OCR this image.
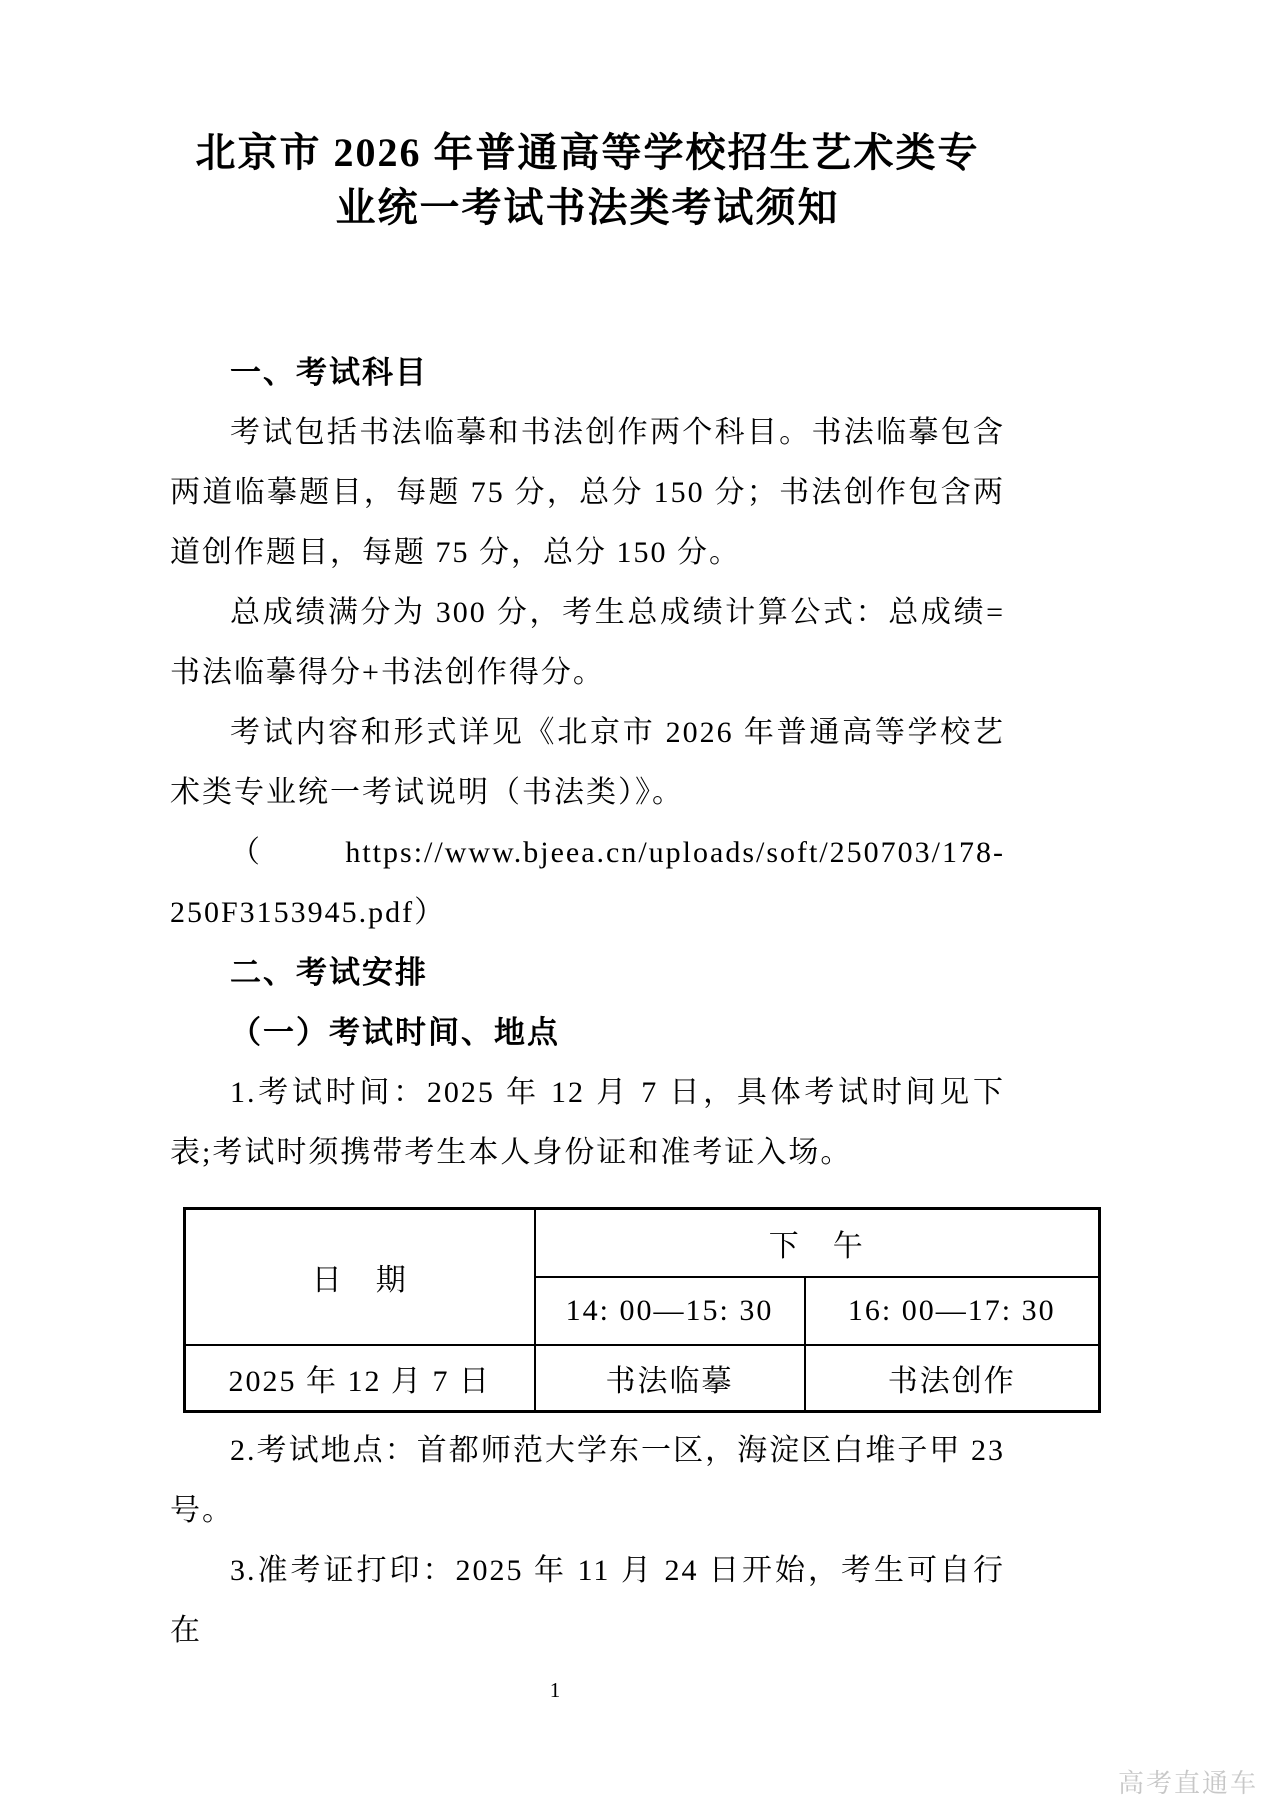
北京市 2026 年普通高等学校招生艺术类专
业统一考试书法类考试须知
一、考试科目

考试包括书法临摹和书法创作两个科目。书法临摹包含两道临摹题目，每题 75 分，总分 150 分；书法创作包含两道创作题目，每题 75 分，总分 150 分。

总成绩满分为 300 分，考生总成绩计算公式：总成绩=书法临摹得分+书法创作得分。

考试内容和形式详见《北京市 2026 年普通高等学校艺术类专业统一考试说明（书法类）》。

（https://www.bjeea.cn/uploads/soft/250703/178-250F3153945.pdf）

二、考试安排
（一）考试时间、地点

1.考试时间：2025 年 12 月 7 日，具体考试时间见下表;考试时须携带考生本人身份证和准考证入场。

日　期	下　午	
	14: 00—15: 30	16: 00—17: 30
2025 年 12 月 7 日	书法临摹	书法创作

2.考试地点：首都师范大学东一区，海淀区白堆子甲 23 号。

3.准考证打印：2025 年 11 月 24 日开始，考生可自行在

1
高考直通车
